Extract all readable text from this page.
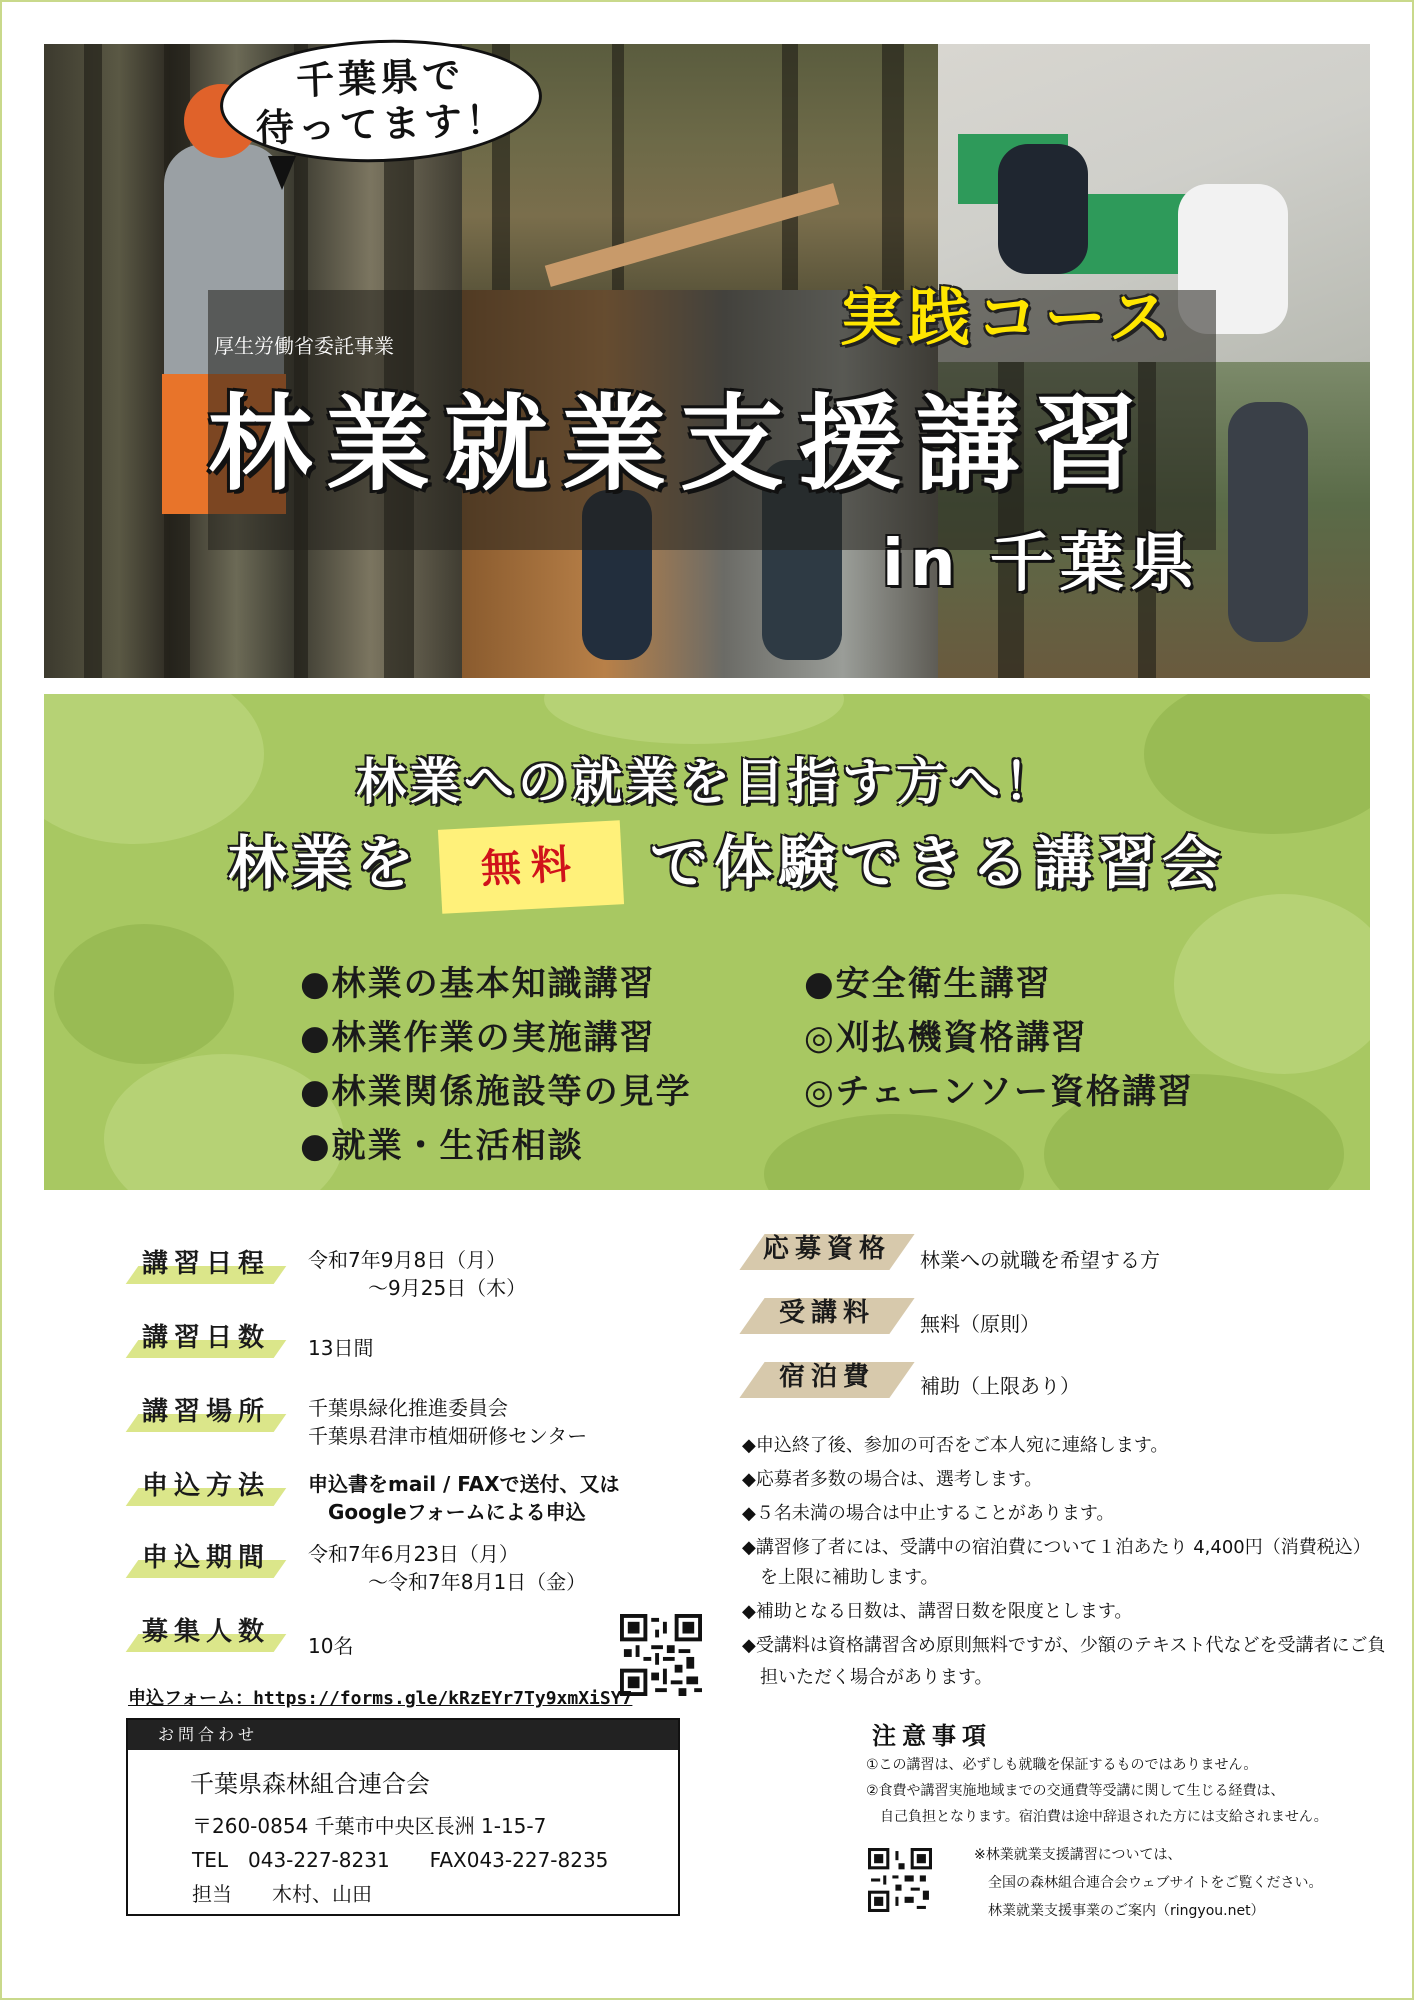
千葉県で
待ってます！
厚生労働省委託事業	実践コース
林業就業支援講習
in 千葉県
林業への就業を目指す方へ！
林業を 無料 で体験できる講習会
●林業の基本知識講習
●林業作業の実施講習
●林業関係施設等の見学
●就業・生活相談
●安全衛生講習
◎刈払機資格講習
◎チェーンソー資格講習
講習日程	令和7年9月8日（月）
　　　～9月25日（木）
講習日数	13日間
講習場所	千葉県緑化推進委員会
千葉県君津市植畑研修センター
申込方法	申込書をmail / FAXで送付、又は
　Googleフォームによる申込
申込期間	令和7年6月23日（月）
　　　～令和7年8月1日（金）
募集人数	10名
申込フォーム：https://forms.gle/kRzEYr7Ty9xmXiSY7
お問合わせ
千葉県森林組合連合会
〒260-0854 千葉市中央区長洲 1-15-7
TEL　043-227-8231　　FAX043-227-8235
担当　　木村、山田
応募資格	林業への就職を希望する方
受講料	無料（原則）
宿泊費	補助（上限あり）
◆申込終了後、参加の可否をご本人宛に連絡します。
◆応募者多数の場合は、選考します。
◆５名未満の場合は中止することがあります。
◆講習修了者には、受講中の宿泊費について１泊あたり 4,400円（消費税込）
　を上限に補助します。
◆補助となる日数は、講習日数を限度とします。
◆受講料は資格講習含め原則無料ですが、少額のテキスト代などを受講者にご負
　担いただく場合があります。
注意事項
①この講習は、必ずしも就職を保証するものではありません。
②食費や講習実施地域までの交通費等受講に関して生じる経費は、
　自己負担となります。宿泊費は途中辞退された方には支給されません。
※林業就業支援講習については、
　全国の森林組合連合会ウェブサイトをご覧ください。
　林業就業支援事業のご案内（ringyou.net）
